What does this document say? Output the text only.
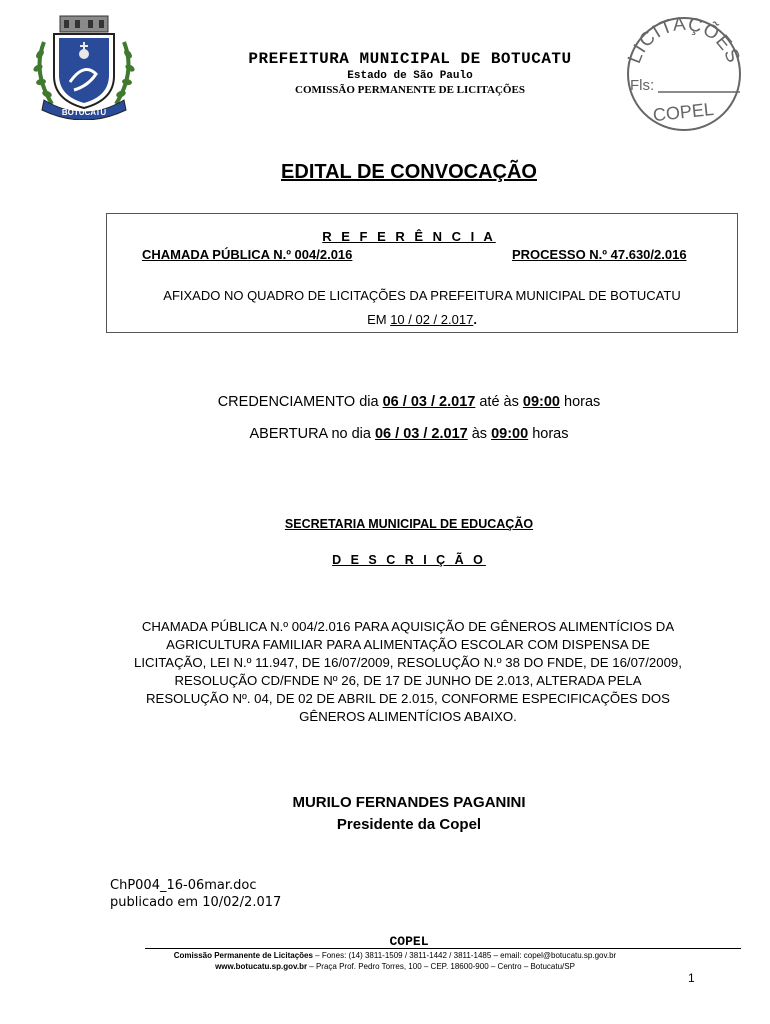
BOTUCATU
PREFEITURA MUNICIPAL DE BOTUCATU
Estado de São Paulo
COMISSÃO PERMANENTE DE LICITAÇÕES
LICITAÇÕES
Fls:
COPEL
EDITAL DE CONVOCAÇÃO
R E F E R Ê N C I A
CHAMADA PÚBLICA N.º 004/2.016	PROCESSO N.º 47.630/2.016
AFIXADO NO QUADRO DE LICITAÇÕES DA PREFEITURA MUNICIPAL DE BOTUCATU
EM 10 / 02 / 2.017.
CREDENCIAMENTO dia 06 / 03 / 2.017 até às 09:00 horas
ABERTURA no dia 06 / 03 / 2.017 às 09:00 horas
SECRETARIA MUNICIPAL DE EDUCAÇÃO
D E S C R I Ç Ã O
CHAMADA PÚBLICA N.º 004/2.016 PARA AQUISIÇÃO DE GÊNEROS ALIMENTÍCIOS DA
AGRICULTURA FAMILIAR PARA ALIMENTAÇÃO ESCOLAR COM DISPENSA DE
LICITAÇÃO, LEI N.º 11.947, DE 16/07/2009, RESOLUÇÃO N.º 38 DO FNDE, DE 16/07/2009,
RESOLUÇÃO CD/FNDE Nº 26, DE 17 DE JUNHO DE 2.013, ALTERADA PELA
RESOLUÇÃO Nº. 04, DE 02 DE ABRIL DE 2.015, CONFORME ESPECIFICAÇÕES DOS
GÊNEROS ALIMENTÍCIOS ABAIXO.
MURILO FERNANDES PAGANINI
Presidente da Copel
ChP004_16-06mar.doc
publicado em 10/02/2.017
COPEL
Comissão Permanente de Licitações – Fones: (14) 3811-1509 / 3811-1442 / 3811-1485 – email: copel@botucatu.sp.gov.br
www.botucatu.sp.gov.br – Praça Prof. Pedro Torres, 100 – CEP. 18600-900 – Centro – Botucatu/SP
1
